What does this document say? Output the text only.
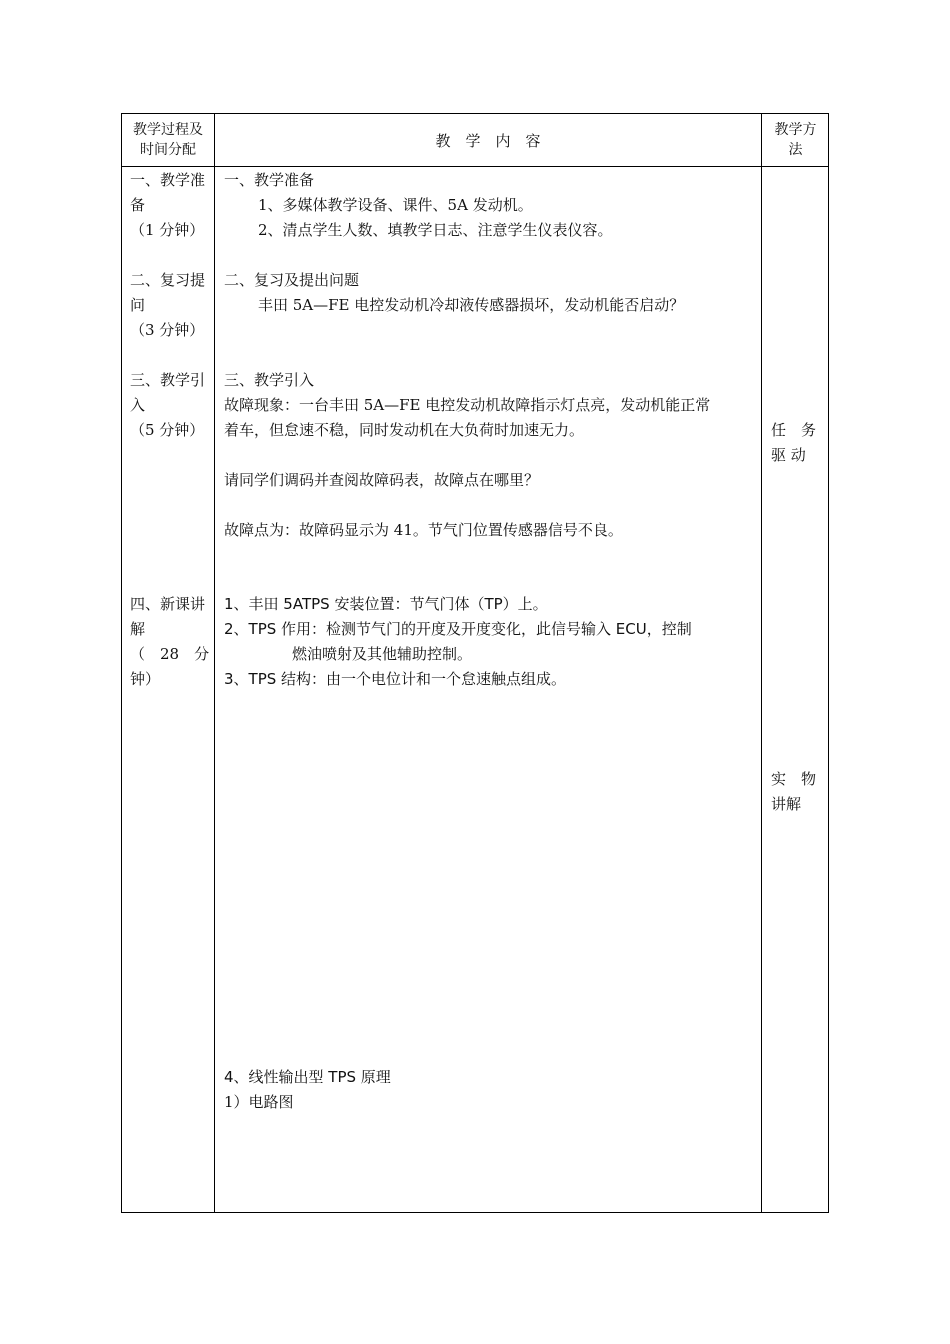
教学过程及
时间分配	教　学　内　容
教学方
法
一、教学准
备
（1 分钟）
二、复习提
问
（3 分钟）
三、教学引
入
（5 分钟）
四、新课讲
解
（　28　分
钟）
一、教学准备
1、多媒体教学设备、课件、5A 发动机。
2、清点学生人数、填教学日志、注意学生仪表仪容。
二、复习及提出问题
丰田 5A—FE 电控发动机冷却液传感器损坏，发动机能否启动？
三、教学引入
故障现象：一台丰田 5A—FE 电控发动机故障指示灯点亮，发动机能正常
着车，但怠速不稳，同时发动机在大负荷时加速无力。
请同学们调码并查阅故障码表，故障点在哪里？
故障点为：故障码显示为 41。节气门位置传感器信号不良。
1、丰田 5ATPS 安装位置：节气门体（TP）上。
2、TPS 作用：检测节气门的开度及开度变化，此信号输入 ECU，控制
燃油喷射及其他辅助控制。
3、TPS 结构：由一个电位计和一个怠速触点组成。
4、线性输出型 TPS 原理
1）电路图
任　务
驱 动
实　物
讲解
